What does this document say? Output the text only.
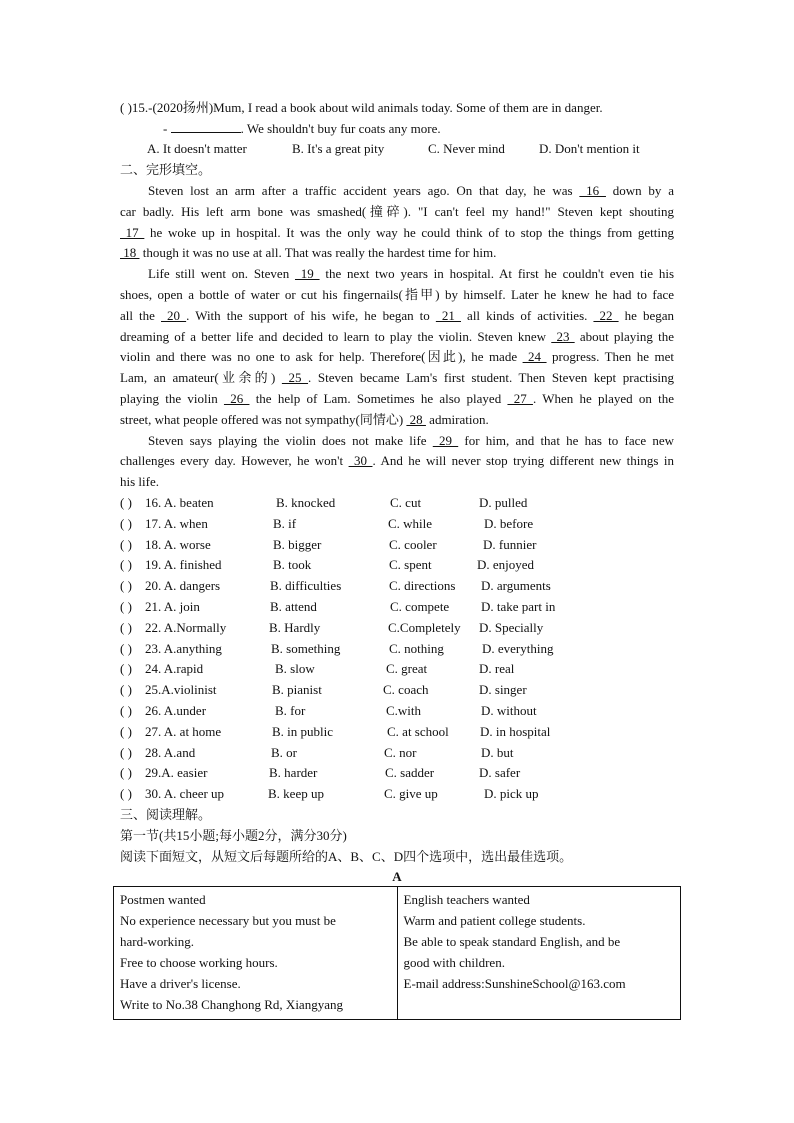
( )15.-(2020扬州)Mum, I read a book about wild animals today. Some of them are in danger.
-	. We shouldn't buy fur coats any more.
A. It doesn't matter	B. It's a great pity	C. Never mind	D. Don't mention it
二、完形填空。
Steven lost an arm after a traffic accident years ago. On that day, he was  16  down by a
car badly. His left arm bone was smashed(撞碎). "I can't feel my hand!" Steven kept shouting
17  he woke up in hospital. It was the only way he could think of to stop the things from getting
18  though it was no use at all. That was really the hardest time for him.
Life still went on. Steven  19  the next two years in hospital. At first he couldn't even tie his
shoes, open a bottle of water or cut his fingernails(指甲) by himself. Later he knew he had to face
all the  20 . With the support of his wife, he began to  21  all kinds of activities.  22  he began
dreaming of a better life and decided to learn to play the violin. Steven knew  23  about playing the
violin and there was no one to ask for help. Therefore(因此), he made  24  progress. Then he met
Lam, an amateur(业余的)  25 . Steven became Lam's first student. Then Steven kept practising
playing the violin  26  the help of Lam. Sometimes he also played  27 . When he played on the
street, what people offered was not sympathy(同情心)  28  admiration.
Steven says playing the violin does not make life  29  for him, and that he has to face new
challenges every day. However, he won't  30 . And he will never stop trying different new things in
his life.
( ) 16. A. beaten	B. knocked	C. cut	D. pulled
( ) 17. A. when	B. if	C. while	D. before
( ) 18. A. worse	B. bigger	C. cooler	D. funnier
( ) 19. A. finished	B. took	C. spent	D. enjoyed
( ) 20. A. dangers	B. difficulties	C. directions D. arguments
( ) 21. A. join	B. attend	C. compete D. take part in
( ) 22. A.Normally	B. Hardly	C.Completely D. Specially
( ) 23. A.anything	B. something	C. nothing	D. everything
( ) 24. A.rapid	B. slow	C. great	D. real
( ) 25.A.violinist	B. pianist	C. coach	D. singer
( ) 26. A.under	B. for	C.with	D. without
( ) 27. A. at home	B. in public	C. at school D. in hospital
( ) 28. A.and	B. or	C. nor	D. but
( ) 29.A. easier	B. harder	C. sadder	D. safer
( ) 30. A. cheer up	B. keep up	C. give up	D. pick up
三、阅读理解。
第一节(共15小题;每小题2分，满分30分)
阅读下面短文，从短文后每题所给的A、B、C、D四个选项中，选出最佳选项。
A
Postmen wanted
No experience necessary but you must be
hard-working.
Free to choose working hours.
Have a driver's license.
Write to No.38 Changhong Rd, Xiangyang

English teachers wanted
Warm and patient college students.
Be able to speak standard English, and be
good with children.
E-mail address:SunshineSchool@163.com
